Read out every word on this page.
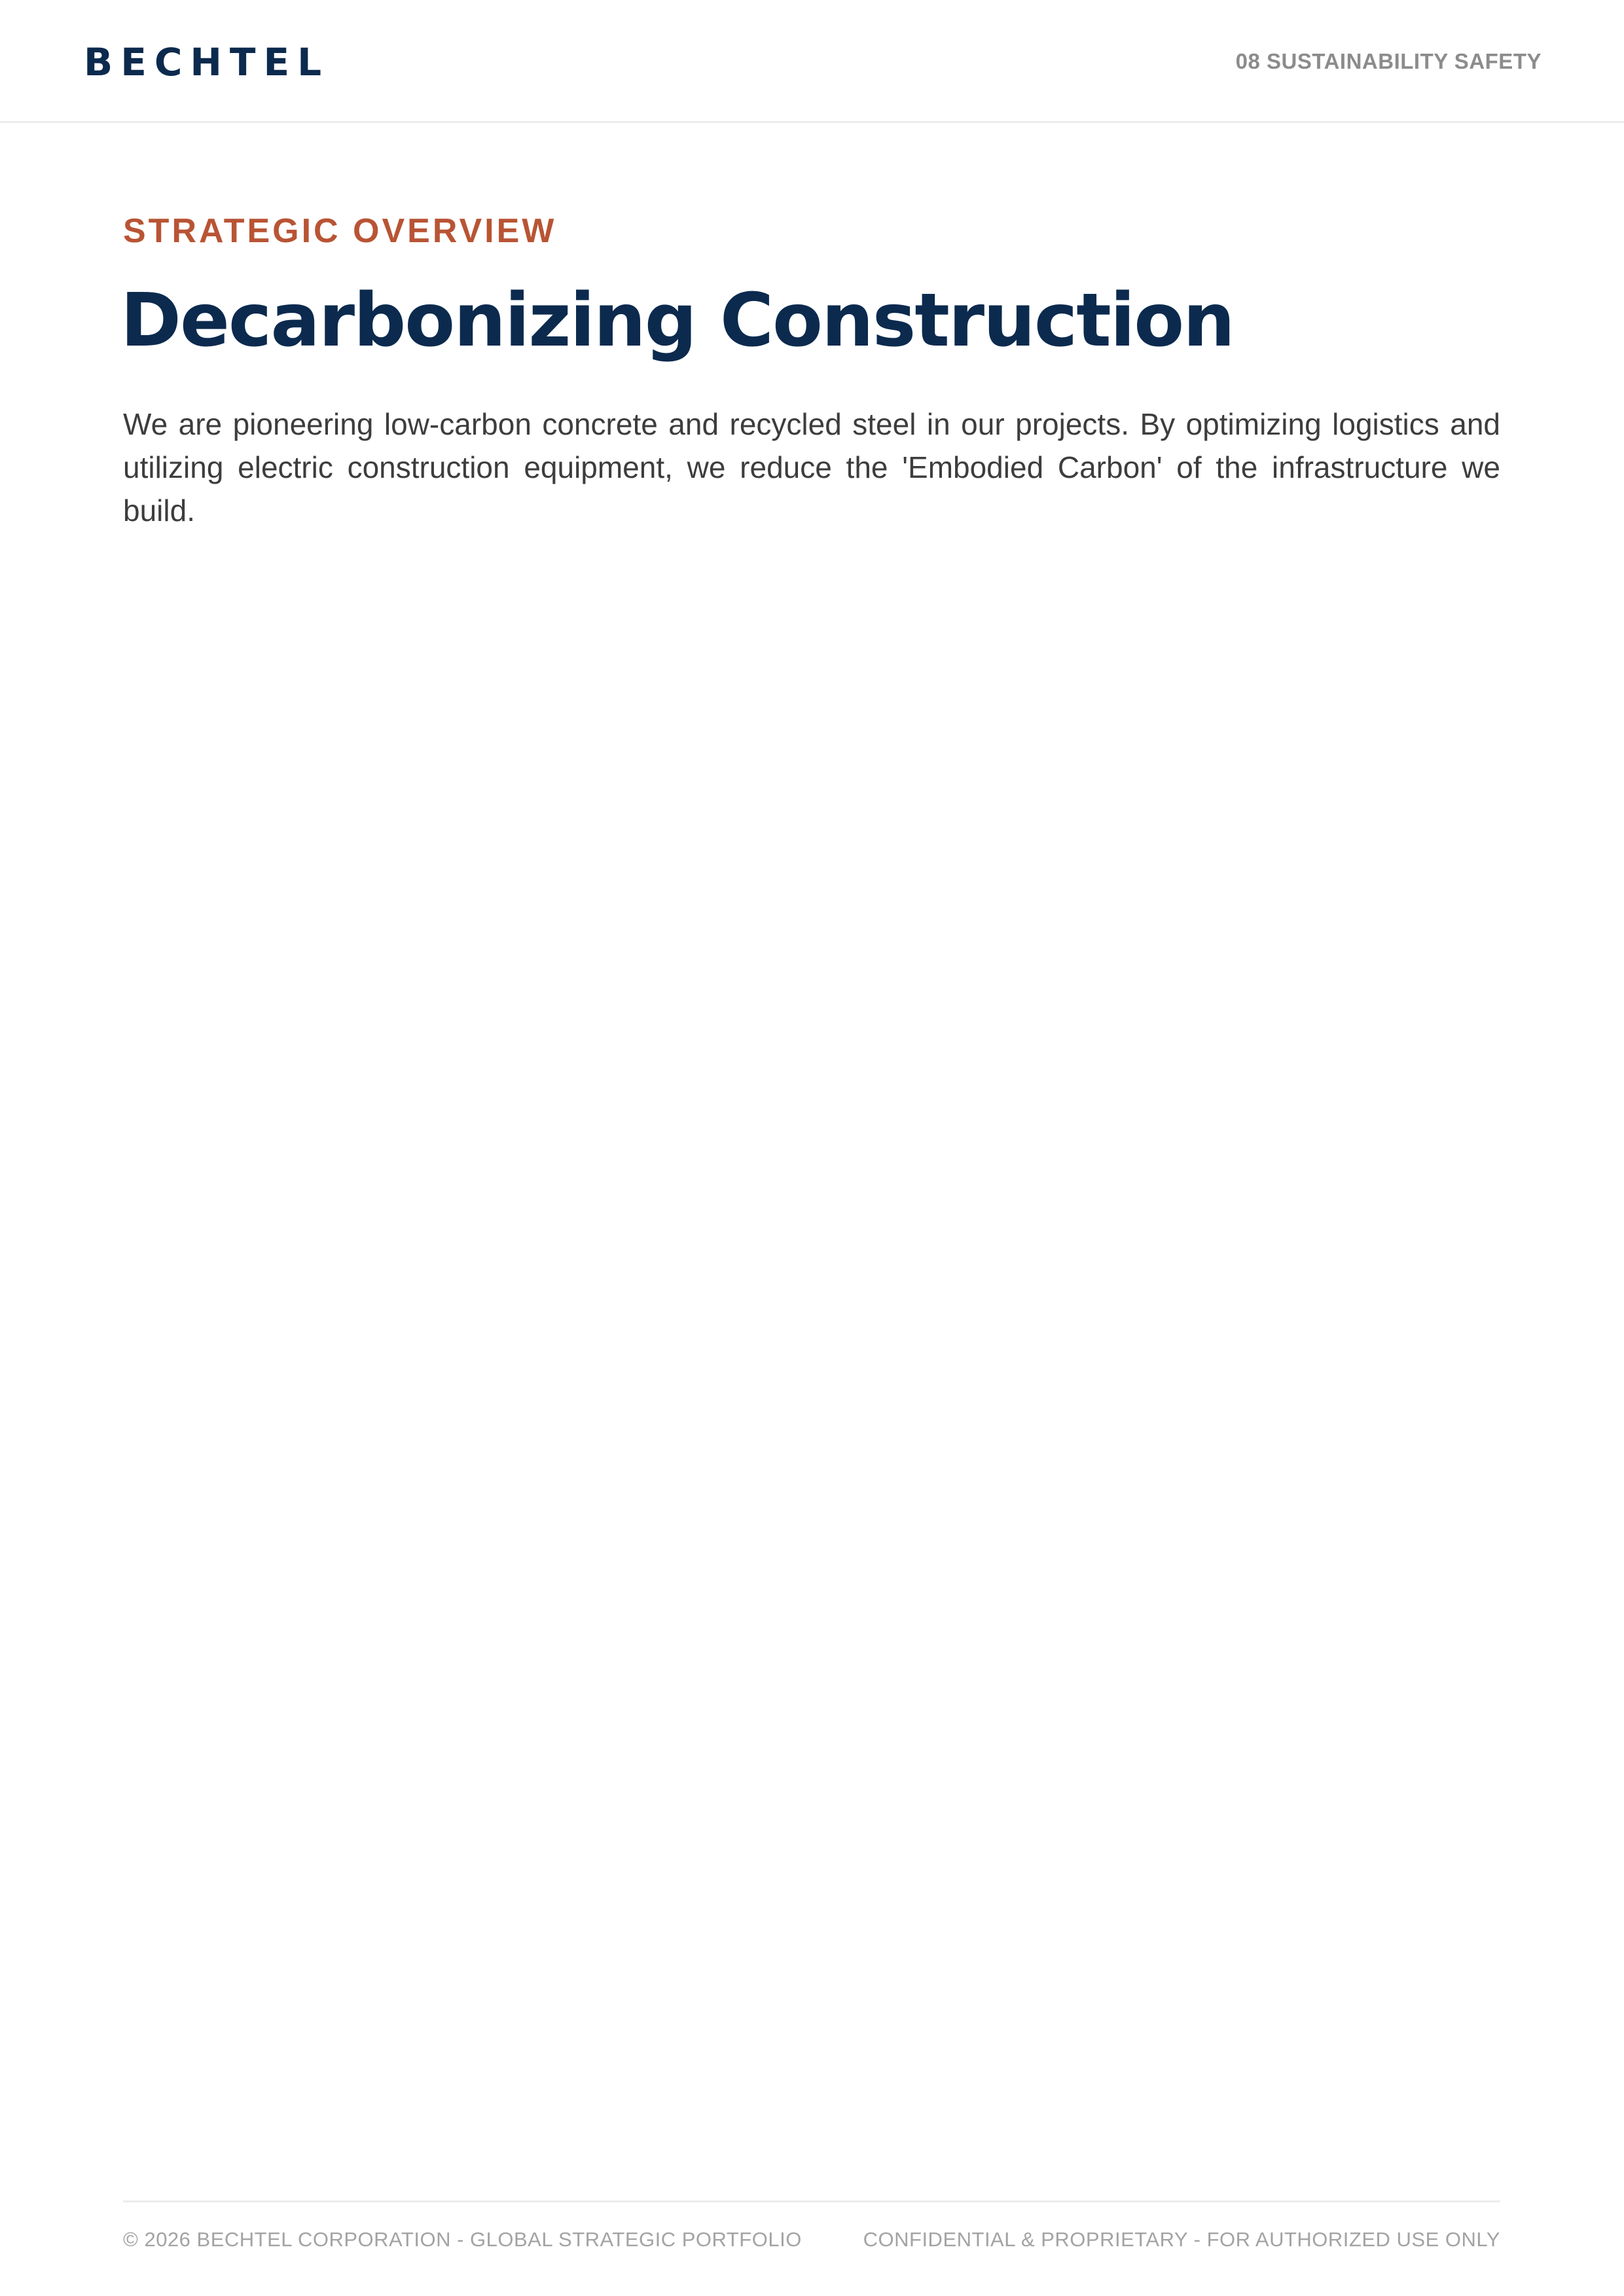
BECHTEL	08 SUSTAINABILITY SAFETY
STRATEGIC OVERVIEW
Decarbonizing Construction

We are pioneering low-carbon concrete and recycled steel in our projects. By optimizing logistics and utilizing electric construction equipment, we reduce the 'Embodied Carbon' of the infrastructure we build.

© 2026 BECHTEL CORPORATION - GLOBAL STRATEGIC PORTFOLIO	CONFIDENTIAL & PROPRIETARY - FOR AUTHORIZED USE ONLY
